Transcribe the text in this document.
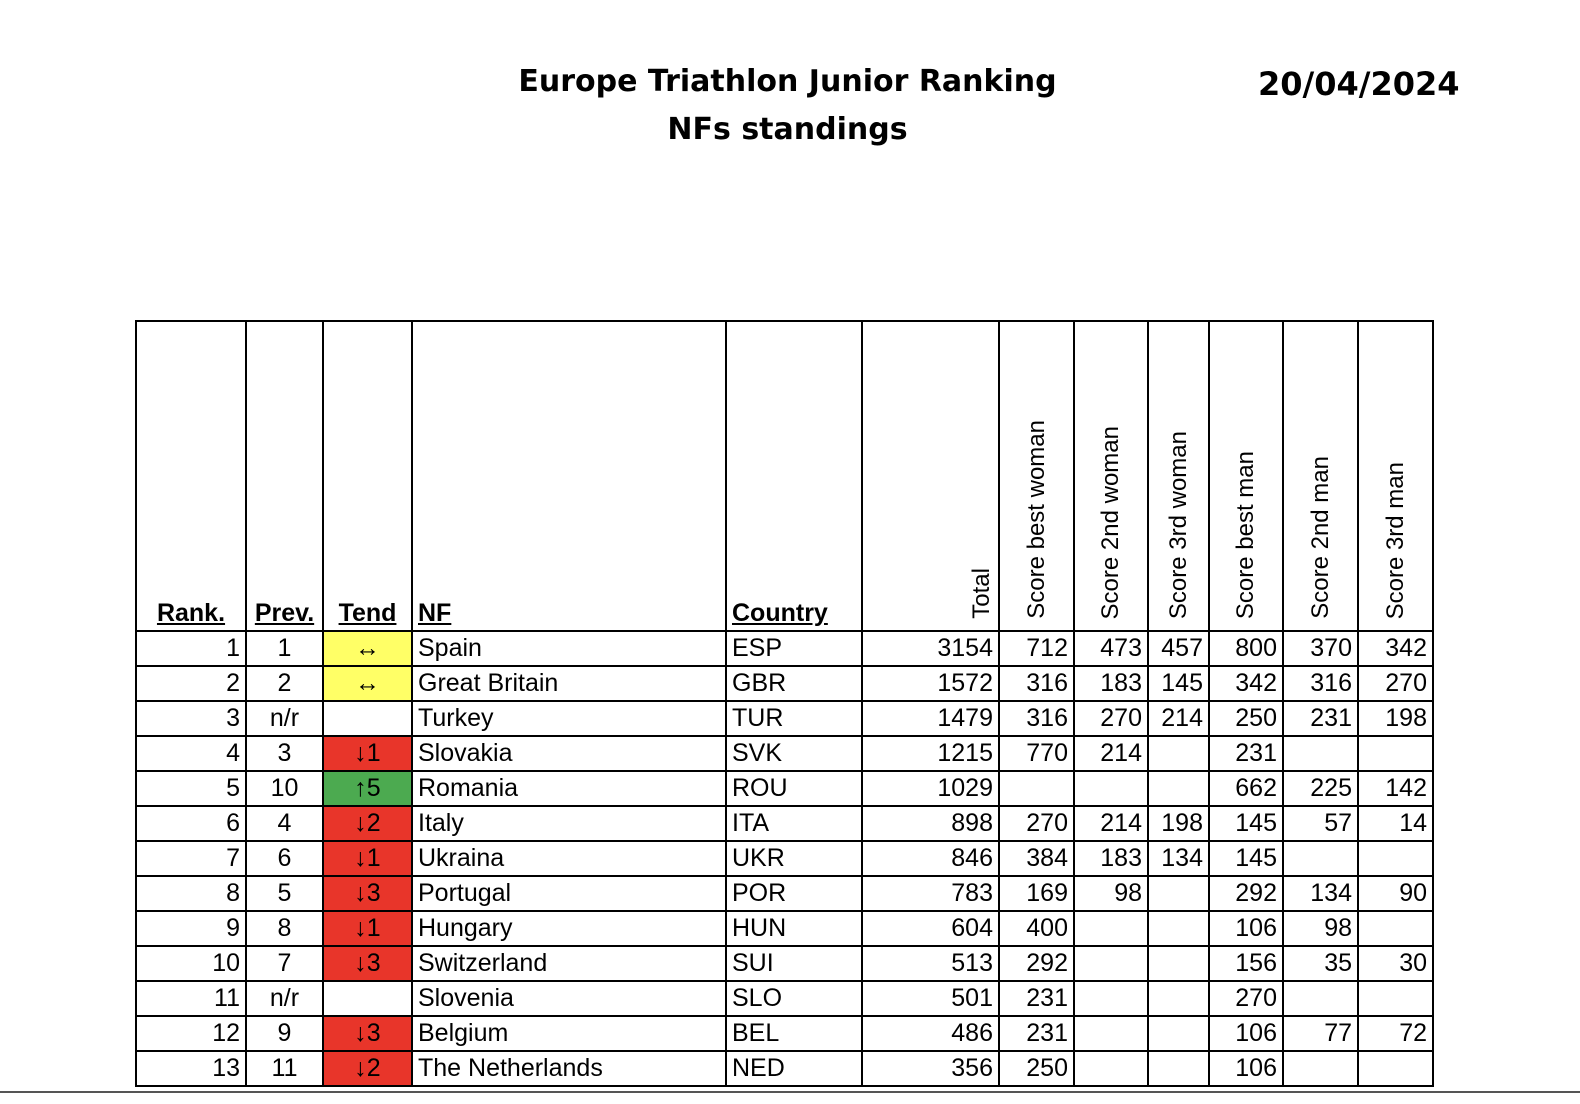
Europe Triathlon Junior Ranking
NFs standings
20/04/2024
Rank.	Prev.	Tend	NF	Country	Total	Score best woman	Score 2nd woman	Score 3rd woman	Score best man	Score 2nd man	Score 3rd man
1	1	↔	Spain	ESP	3154	712	473	457	800	370	342
2	2	↔	Great Britain	GBR	1572	316	183	145	342	316	270
3	n/r		Turkey	TUR	1479	316	270	214	250	231	198
4	3	↓1	Slovakia	SVK	1215	770	214		231		
5	10	↑5	Romania	ROU	1029				662	225	142
6	4	↓2	Italy	ITA	898	270	214	198	145	57	14
7	6	↓1	Ukraina	UKR	846	384	183	134	145		
8	5	↓3	Portugal	POR	783	169	98		292	134	90
9	8	↓1	Hungary	HUN	604	400			106	98	
10	7	↓3	Switzerland	SUI	513	292			156	35	30
11	n/r		Slovenia	SLO	501	231			270		
12	9	↓3	Belgium	BEL	486	231			106	77	72
13	11	↓2	The Netherlands	NED	356	250			106		
